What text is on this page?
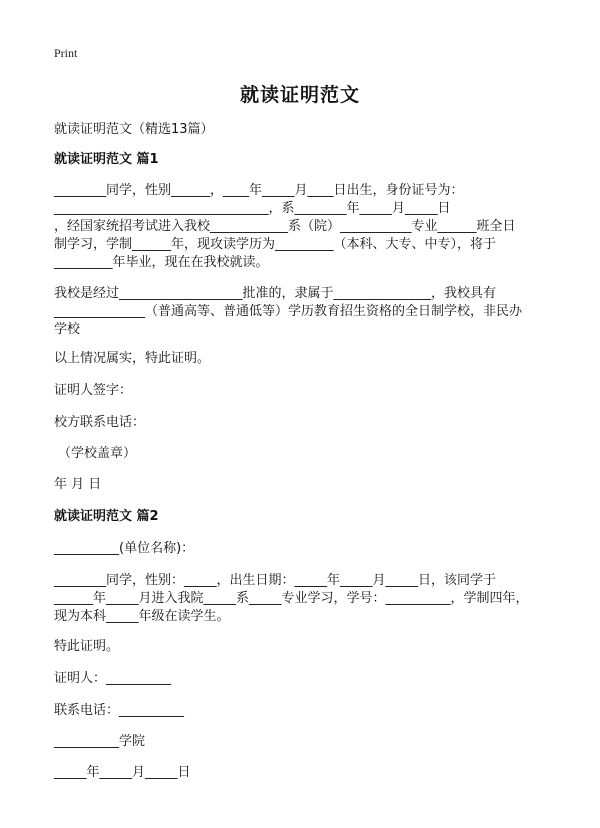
Print
就读证明范文
就读证明范文（精选13篇）
就读证明范文 篇1
________同学，性别______，____年_____月____日出生，身份证号为：
_________________________________，系________年_____月_____日
，经国家统招考试进入我校____________系（院）___________专业______班全日
制学习，学制______年，现攻读学历为_________（本科、大专、中专），将于
_________年毕业，现在在我校就读。
我校是经过___________________批准的，隶属于_______________，我校具有
______________（普通高等、普通低等）学历教育招生资格的全日制学校，非民办
学校
以上情况属实，特此证明。
证明人签字：
校方联系电话：
（学校盖章）
年 月 日
就读证明范文 篇2
__________(单位名称)：
________同学，性别：_____，出生日期：_____年_____月_____日，该同学于
______年_____月进入我院_____系_____专业学习，学号：__________，学制四年，
现为本科_____年级在读学生。
特此证明。
证明人：__________
联系电话：__________
__________学院
_____年_____月_____日
